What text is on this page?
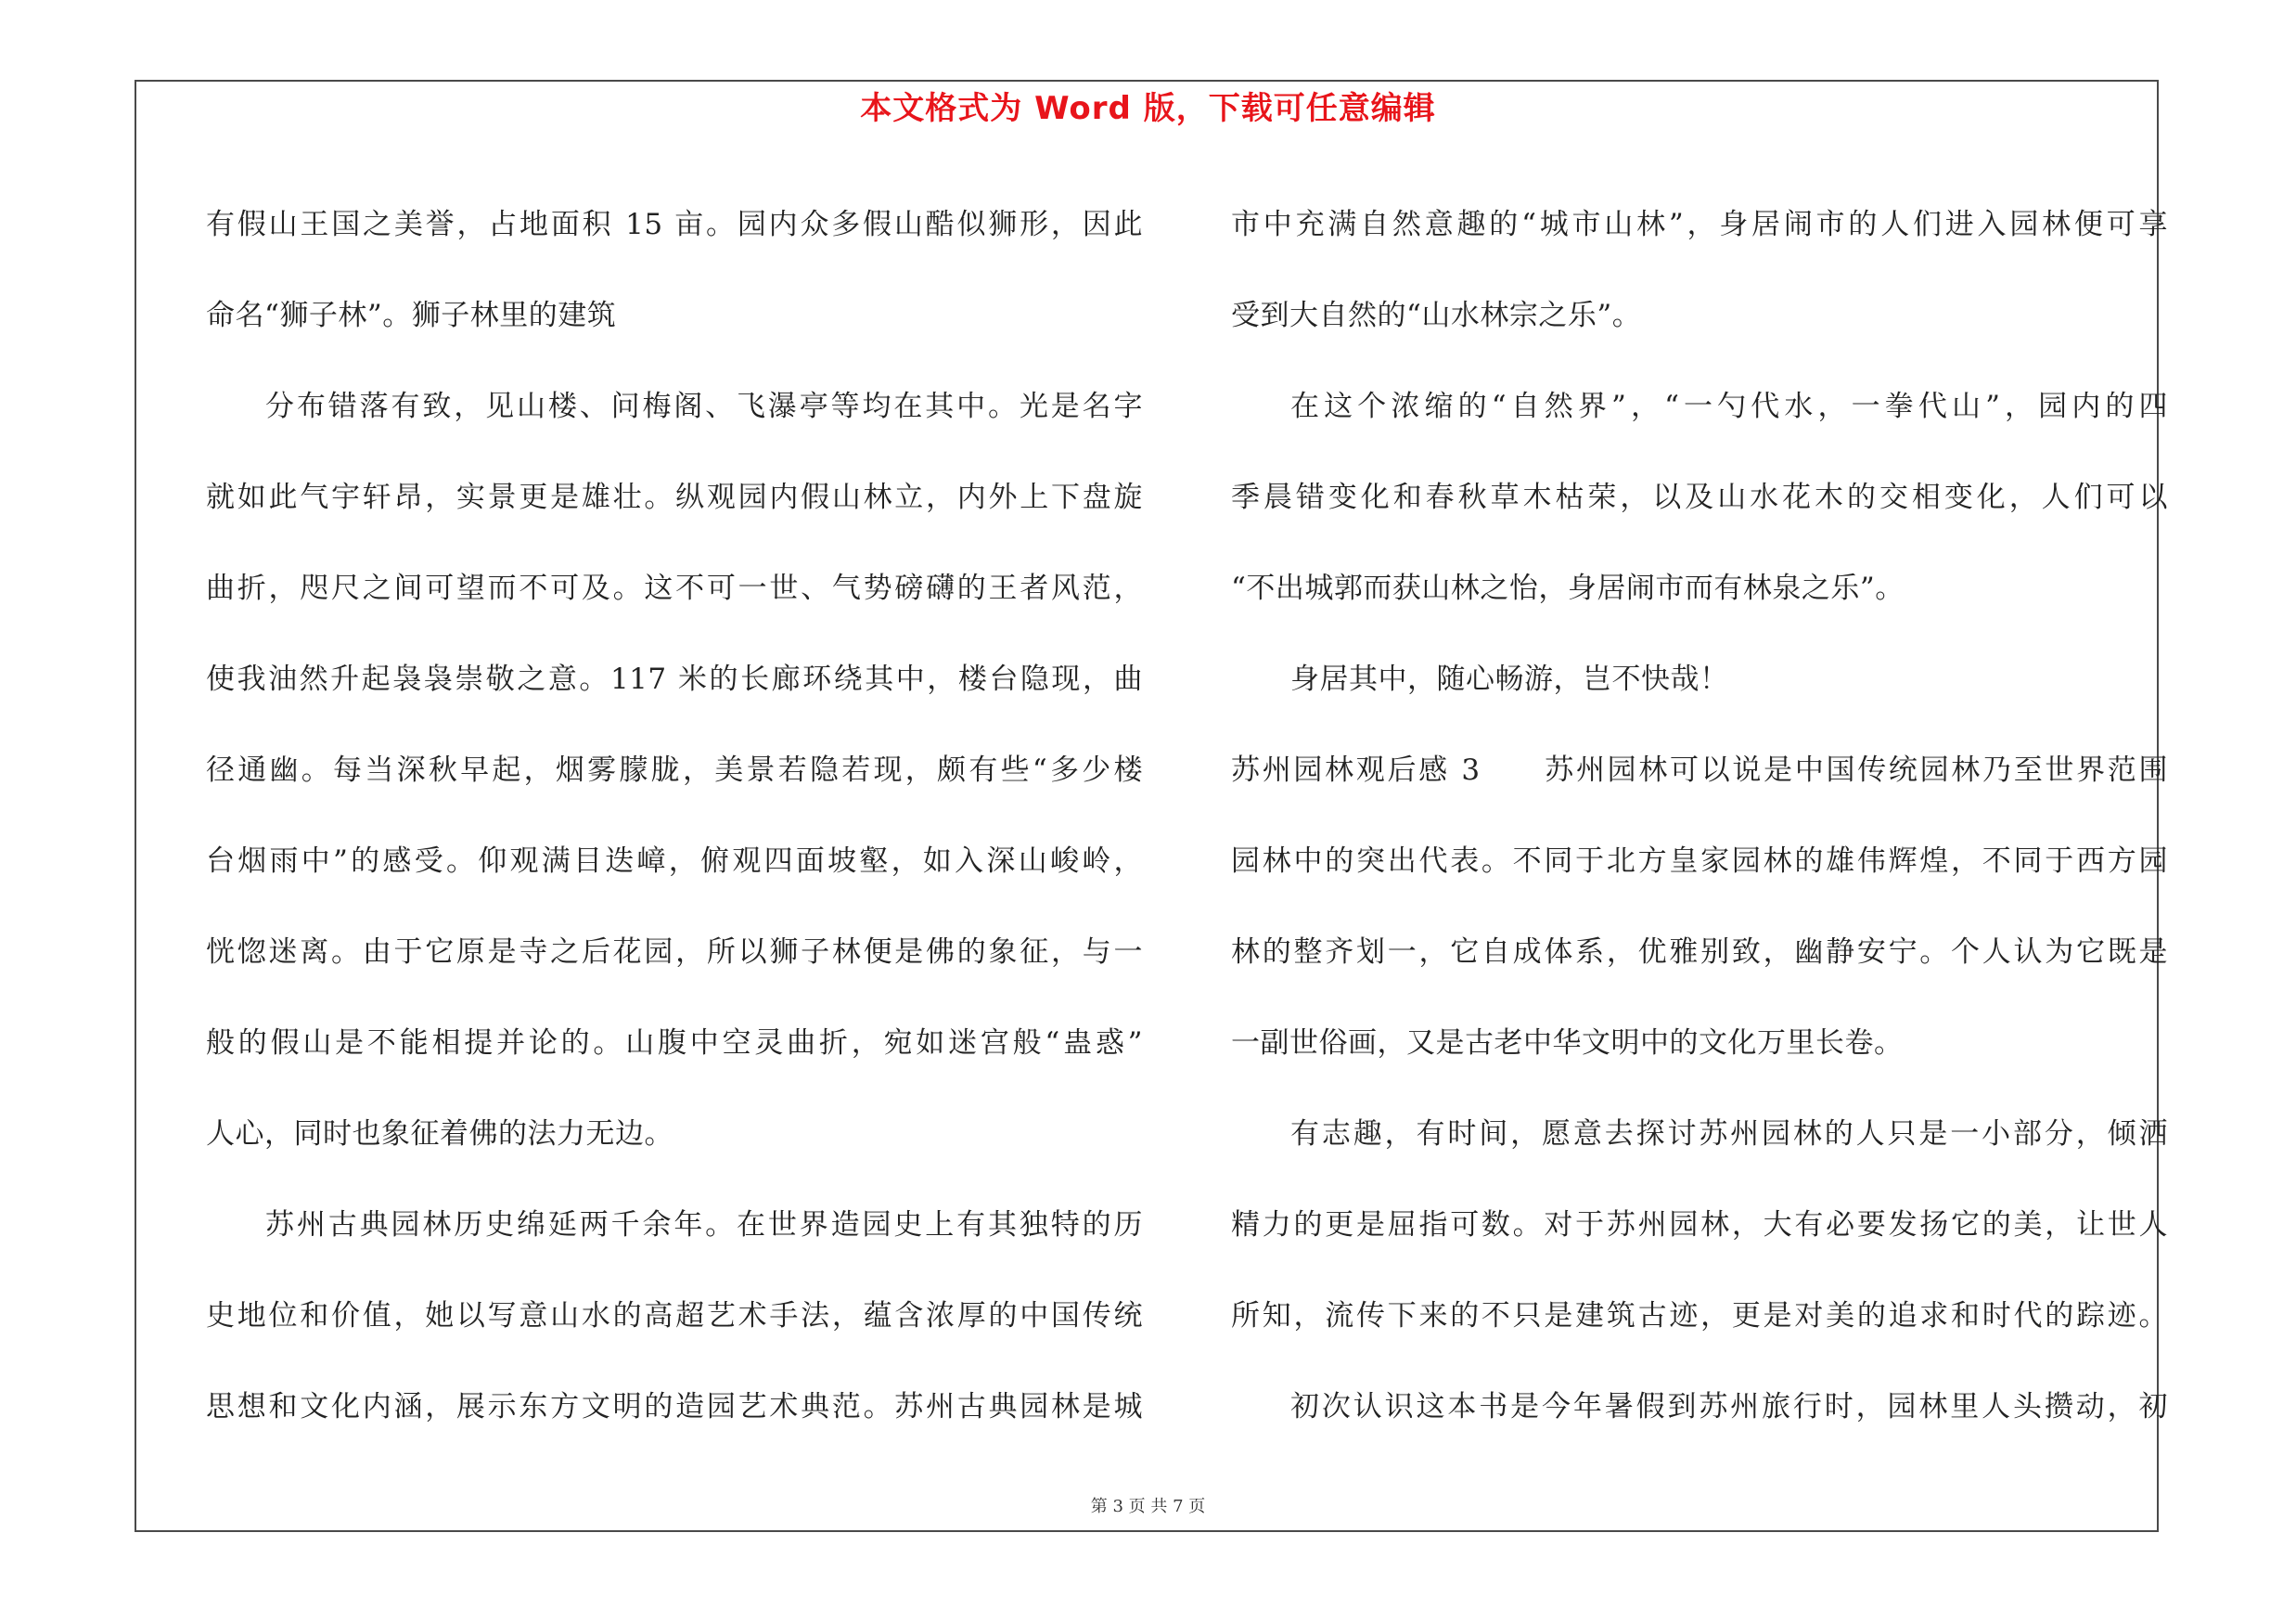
本文格式为 Word 版，下载可任意编辑
有假山王国之美誉，占地面积 15 亩。园内众多假山酷似狮形，因此
命名“狮子林”。狮子林里的建筑
分布错落有致，见山楼、问梅阁、飞瀑亭等均在其中。光是名字
就如此气宇轩昂，实景更是雄壮。纵观园内假山林立，内外上下盘旋
曲折，咫尺之间可望而不可及。这不可一世、气势磅礴的王者风范，
使我油然升起袅袅崇敬之意。117 米的长廊环绕其中，楼台隐现，曲
径通幽。每当深秋早起，烟雾朦胧，美景若隐若现，颇有些“多少楼
台烟雨中”的感受。仰观满目迭嶂，俯观四面坡壑，如入深山峻岭，
恍惚迷离。由于它原是寺之后花园，所以狮子林便是佛的象征，与一
般的假山是不能相提并论的。山腹中空灵曲折，宛如迷宫般“蛊惑”
人心，同时也象征着佛的法力无边。
苏州古典园林历史绵延两千余年。在世界造园史上有其独特的历
史地位和价值，她以写意山水的高超艺术手法，蕴含浓厚的中国传统
思想和文化内涵，展示东方文明的造园艺术典范。苏州古典园林是城
市中充满自然意趣的“城市山林”，身居闹市的人们进入园林便可享
受到大自然的“山水林宗之乐”。
在这个浓缩的“自然界”，“一勺代水，一拳代山”，园内的四
季晨错变化和春秋草木枯荣，以及山水花木的交相变化，人们可以
“不出城郭而获山林之怡，身居闹市而有林泉之乐”。
身居其中，随心畅游，岂不快哉！
苏州园林观后感 3　　苏州园林可以说是中国传统园林乃至世界范围
园林中的突出代表。不同于北方皇家园林的雄伟辉煌，不同于西方园
林的整齐划一，它自成体系，优雅别致，幽静安宁。个人认为它既是
一副世俗画，又是古老中华文明中的文化万里长卷。
有志趣，有时间，愿意去探讨苏州园林的人只是一小部分，倾洒
精力的更是屈指可数。对于苏州园林，大有必要发扬它的美，让世人
所知，流传下来的不只是建筑古迹，更是对美的追求和时代的踪迹。
初次认识这本书是今年暑假到苏州旅行时，园林里人头攒动，初
第 3 页 共 7 页
